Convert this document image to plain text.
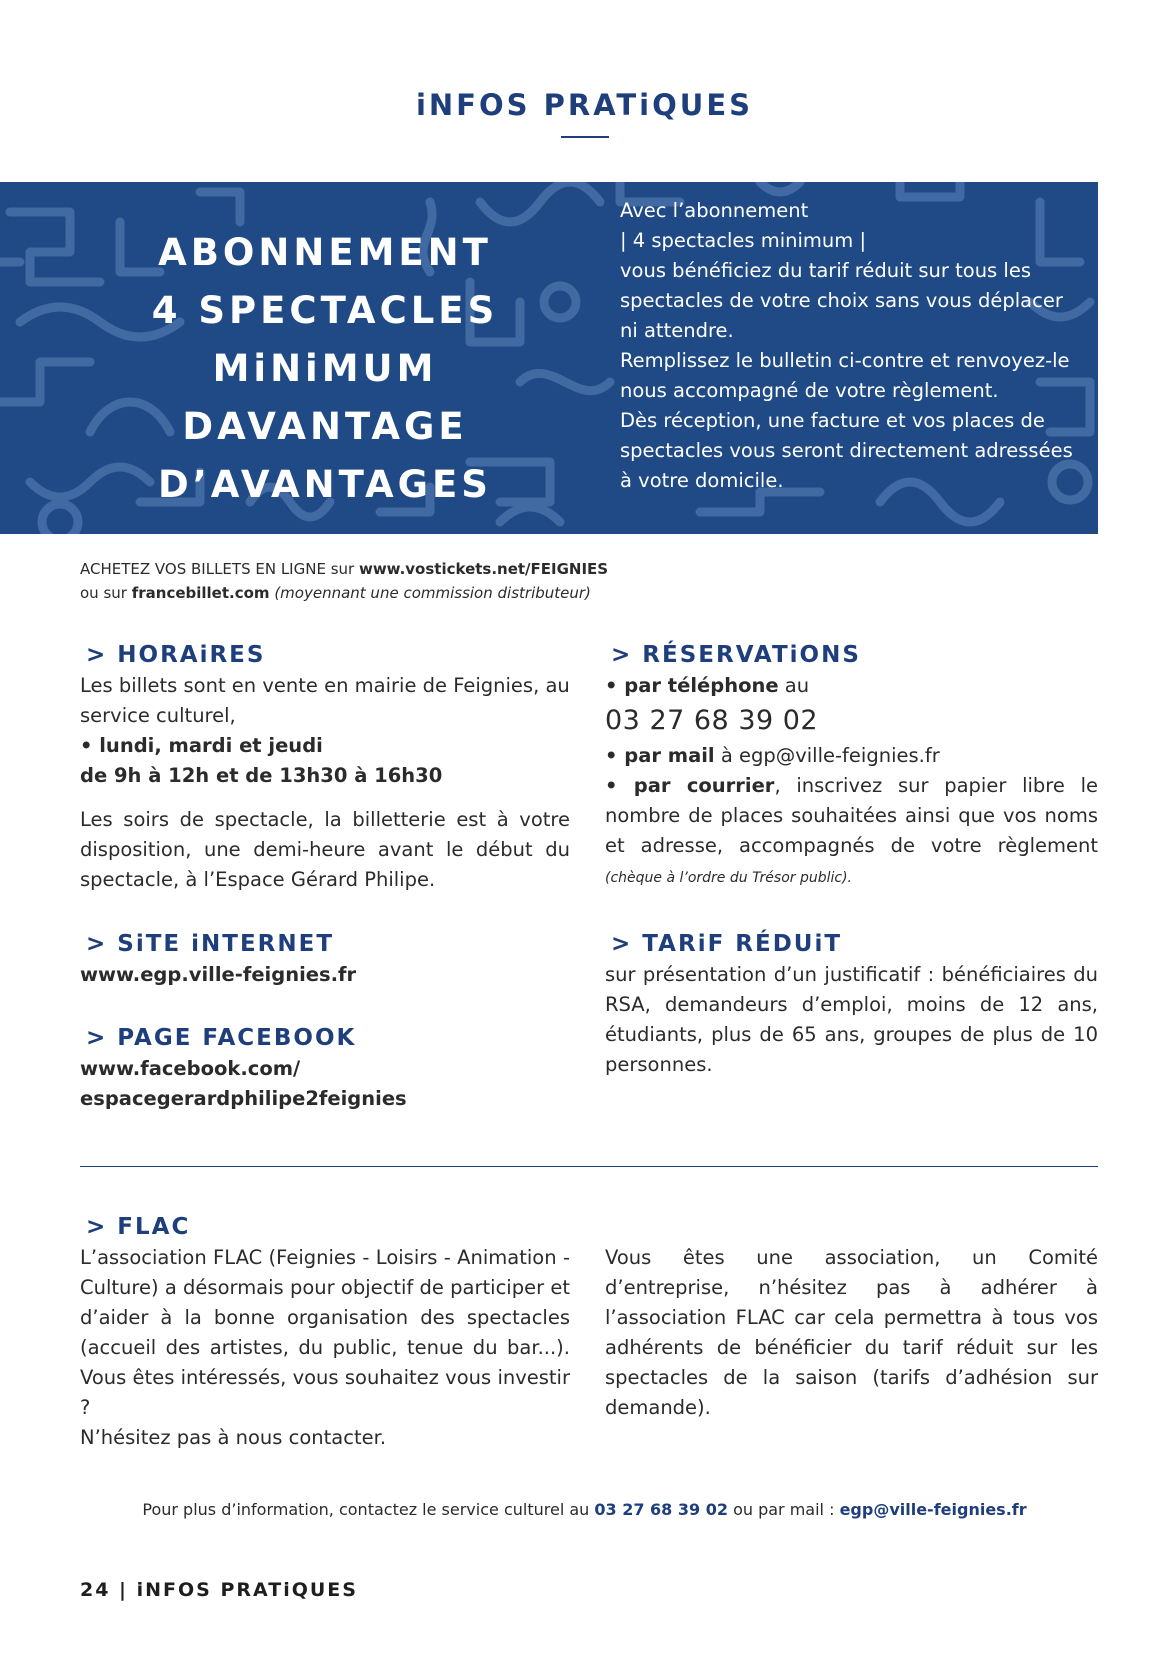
iNFOS PRATiQUES
ABONNEMENT
4 SPECTACLES
MiNiMUM
DAVANTAGE
D’AVANTAGES

Avec l’abonnement

| 4 spectacles minimum |

vous bénéficiez du tarif réduit sur tous les spectacles de votre choix sans vous déplacer ni attendre.

Remplissez le bulletin ci-contre et renvoyez-le nous accompagné de votre règlement.

Dès réception, une facture et vos places de spectacles vous seront directement adressées à votre domicile.

ACHETEZ VOS BILLETS EN LIGNE sur www.vostickets.net/FEIGNIES
ou sur francebillet.com (moyennant une commission distributeur)
> HORAiRES

Les billets sont en vente en mairie de Feignies, au service culturel,

• lundi, mardi et jeudi

de 9h à 12h et de 13h30 à 16h30

Les soirs de spectacle, la billetterie est à votre disposition, une demi-heure avant le début du spectacle, à l’Espace Gérard Philipe.

> SiTE iNTERNET

www.egp.ville-feignies.fr

> PAGE FACEBOOK

www.facebook.com/

espacegerardphilipe2feignies

> RÉSERVATiONS

• par téléphone au

03 27 68 39 02

• par mail à egp@ville-feignies.fr

• par courrier, inscrivez sur papier libre le nombre de places souhaitées ainsi que vos noms et adresse, accompagnés de votre règlement (chèque à l’ordre du Trésor public).

> TARiF RÉDUiT

sur présentation d’un justificatif : bénéficiaires du RSA, demandeurs d’emploi, moins de 12 ans, étudiants, plus de 65 ans, groupes de plus de 10 personnes.

> FLAC

L’association FLAC (Feignies - Loisirs - Animation - Culture) a désormais pour objectif de participer et d’aider à la bonne organisation des spectacles (accueil des artistes, du public, tenue du bar...). Vous êtes intéressés, vous souhaitez vous investir ?

N’hésitez pas à nous contacter.

Vous êtes une association, un Comité d’entreprise, n’hésitez pas à adhérer à l’association FLAC car cela permettra à tous vos adhérents de bénéficier du tarif réduit sur les spectacles de la saison (tarifs d’adhésion sur demande).

Pour plus d’information, contactez le service culturel au 03 27 68 39 02 ou par mail : egp@ville-feignies.fr
24 | iNFOS PRATiQUES
